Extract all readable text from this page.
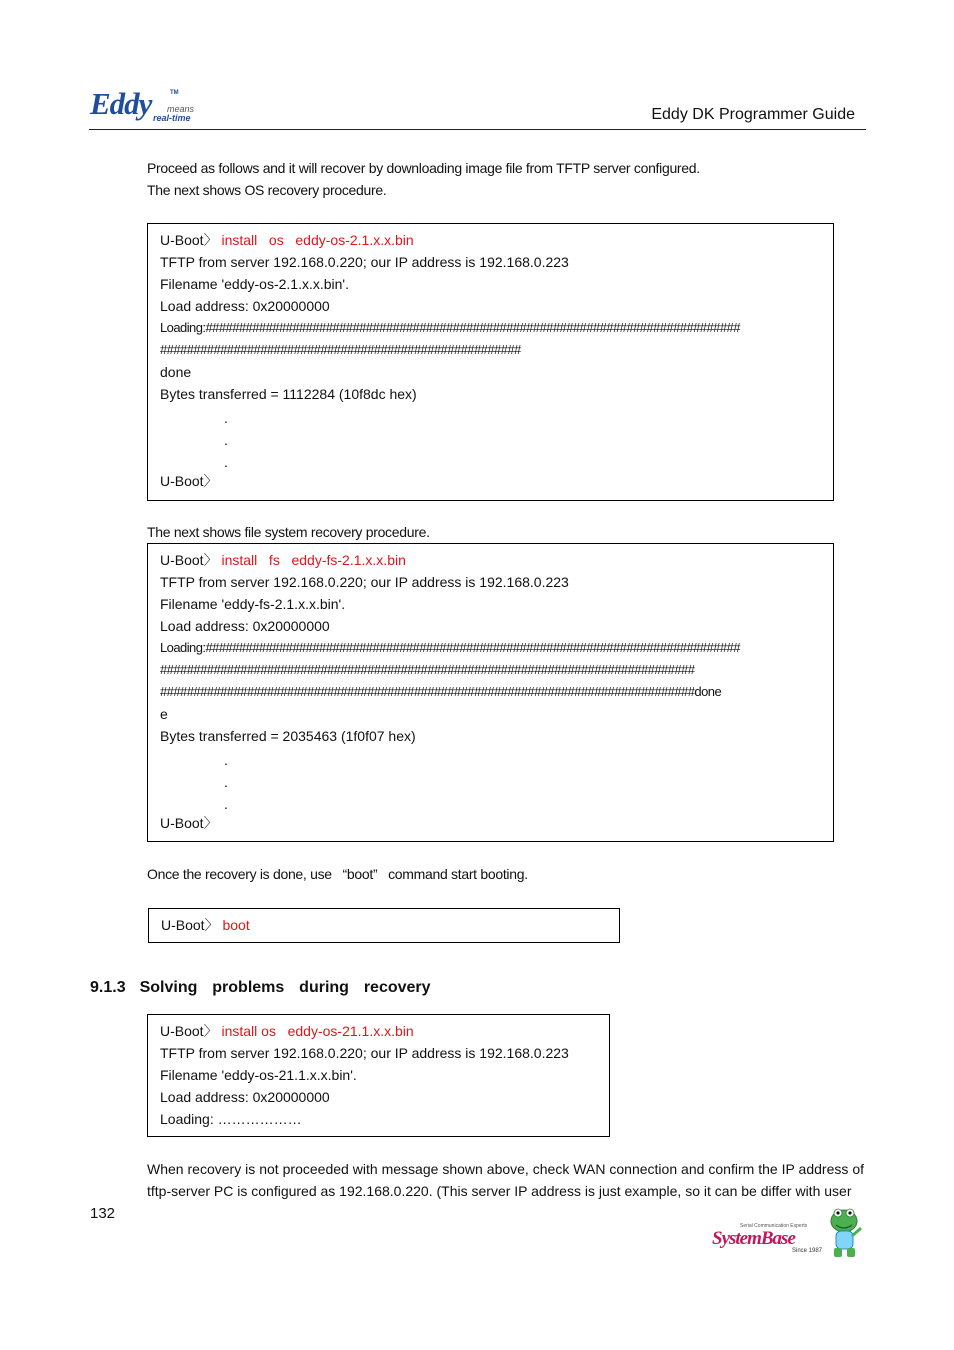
Eddy	TM
means
real-time	Eddy DK Programmer Guide
Proceed as follows and it will recover by downloading image file from TFTP server configured.
The next shows OS recovery procedure.
U-Boot〉 install   os   eddy-os-2.1.x.x.bin
TFTP from server 192.168.0.220; our IP address is 192.168.0.223
Filename 'eddy-os-2.1.x.x.bin'.
Load address: 0x20000000
Loading:################################################################################
######################################################
done
Bytes transferred = 1112284 (10f8dc hex)
.
.
.
U-Boot〉
The next shows file system recovery procedure.
U-Boot〉 install   fs   eddy-fs-2.1.x.x.bin
TFTP from server 192.168.0.220; our IP address is 192.168.0.223
Filename 'eddy-fs-2.1.x.x.bin'.
Load address: 0x20000000
Loading:################################################################################
################################################################################
################################################################################done
e
Bytes transferred = 2035463 (1f0f07 hex)
.
.
.
U-Boot〉
Once the recovery is done, use   “boot”   command start booting.
U-Boot〉 boot
9.1.3 Solving  problems  during  recovery
U-Boot〉 install os   eddy-os-21.1.x.x.bin
TFTP from server 192.168.0.220; our IP address is 192.168.0.223
Filename 'eddy-os-21.1.x.x.bin'.
Load address: 0x20000000
Loading: ………………
When recovery is not proceeded with message shown above, check WAN connection and confirm the IP address of tftp-server PC is configured as 192.168.0.220. (This server IP address is just example, so it can be differ with user
132
Serial Communication Experts
SystemBase
Since 1987
